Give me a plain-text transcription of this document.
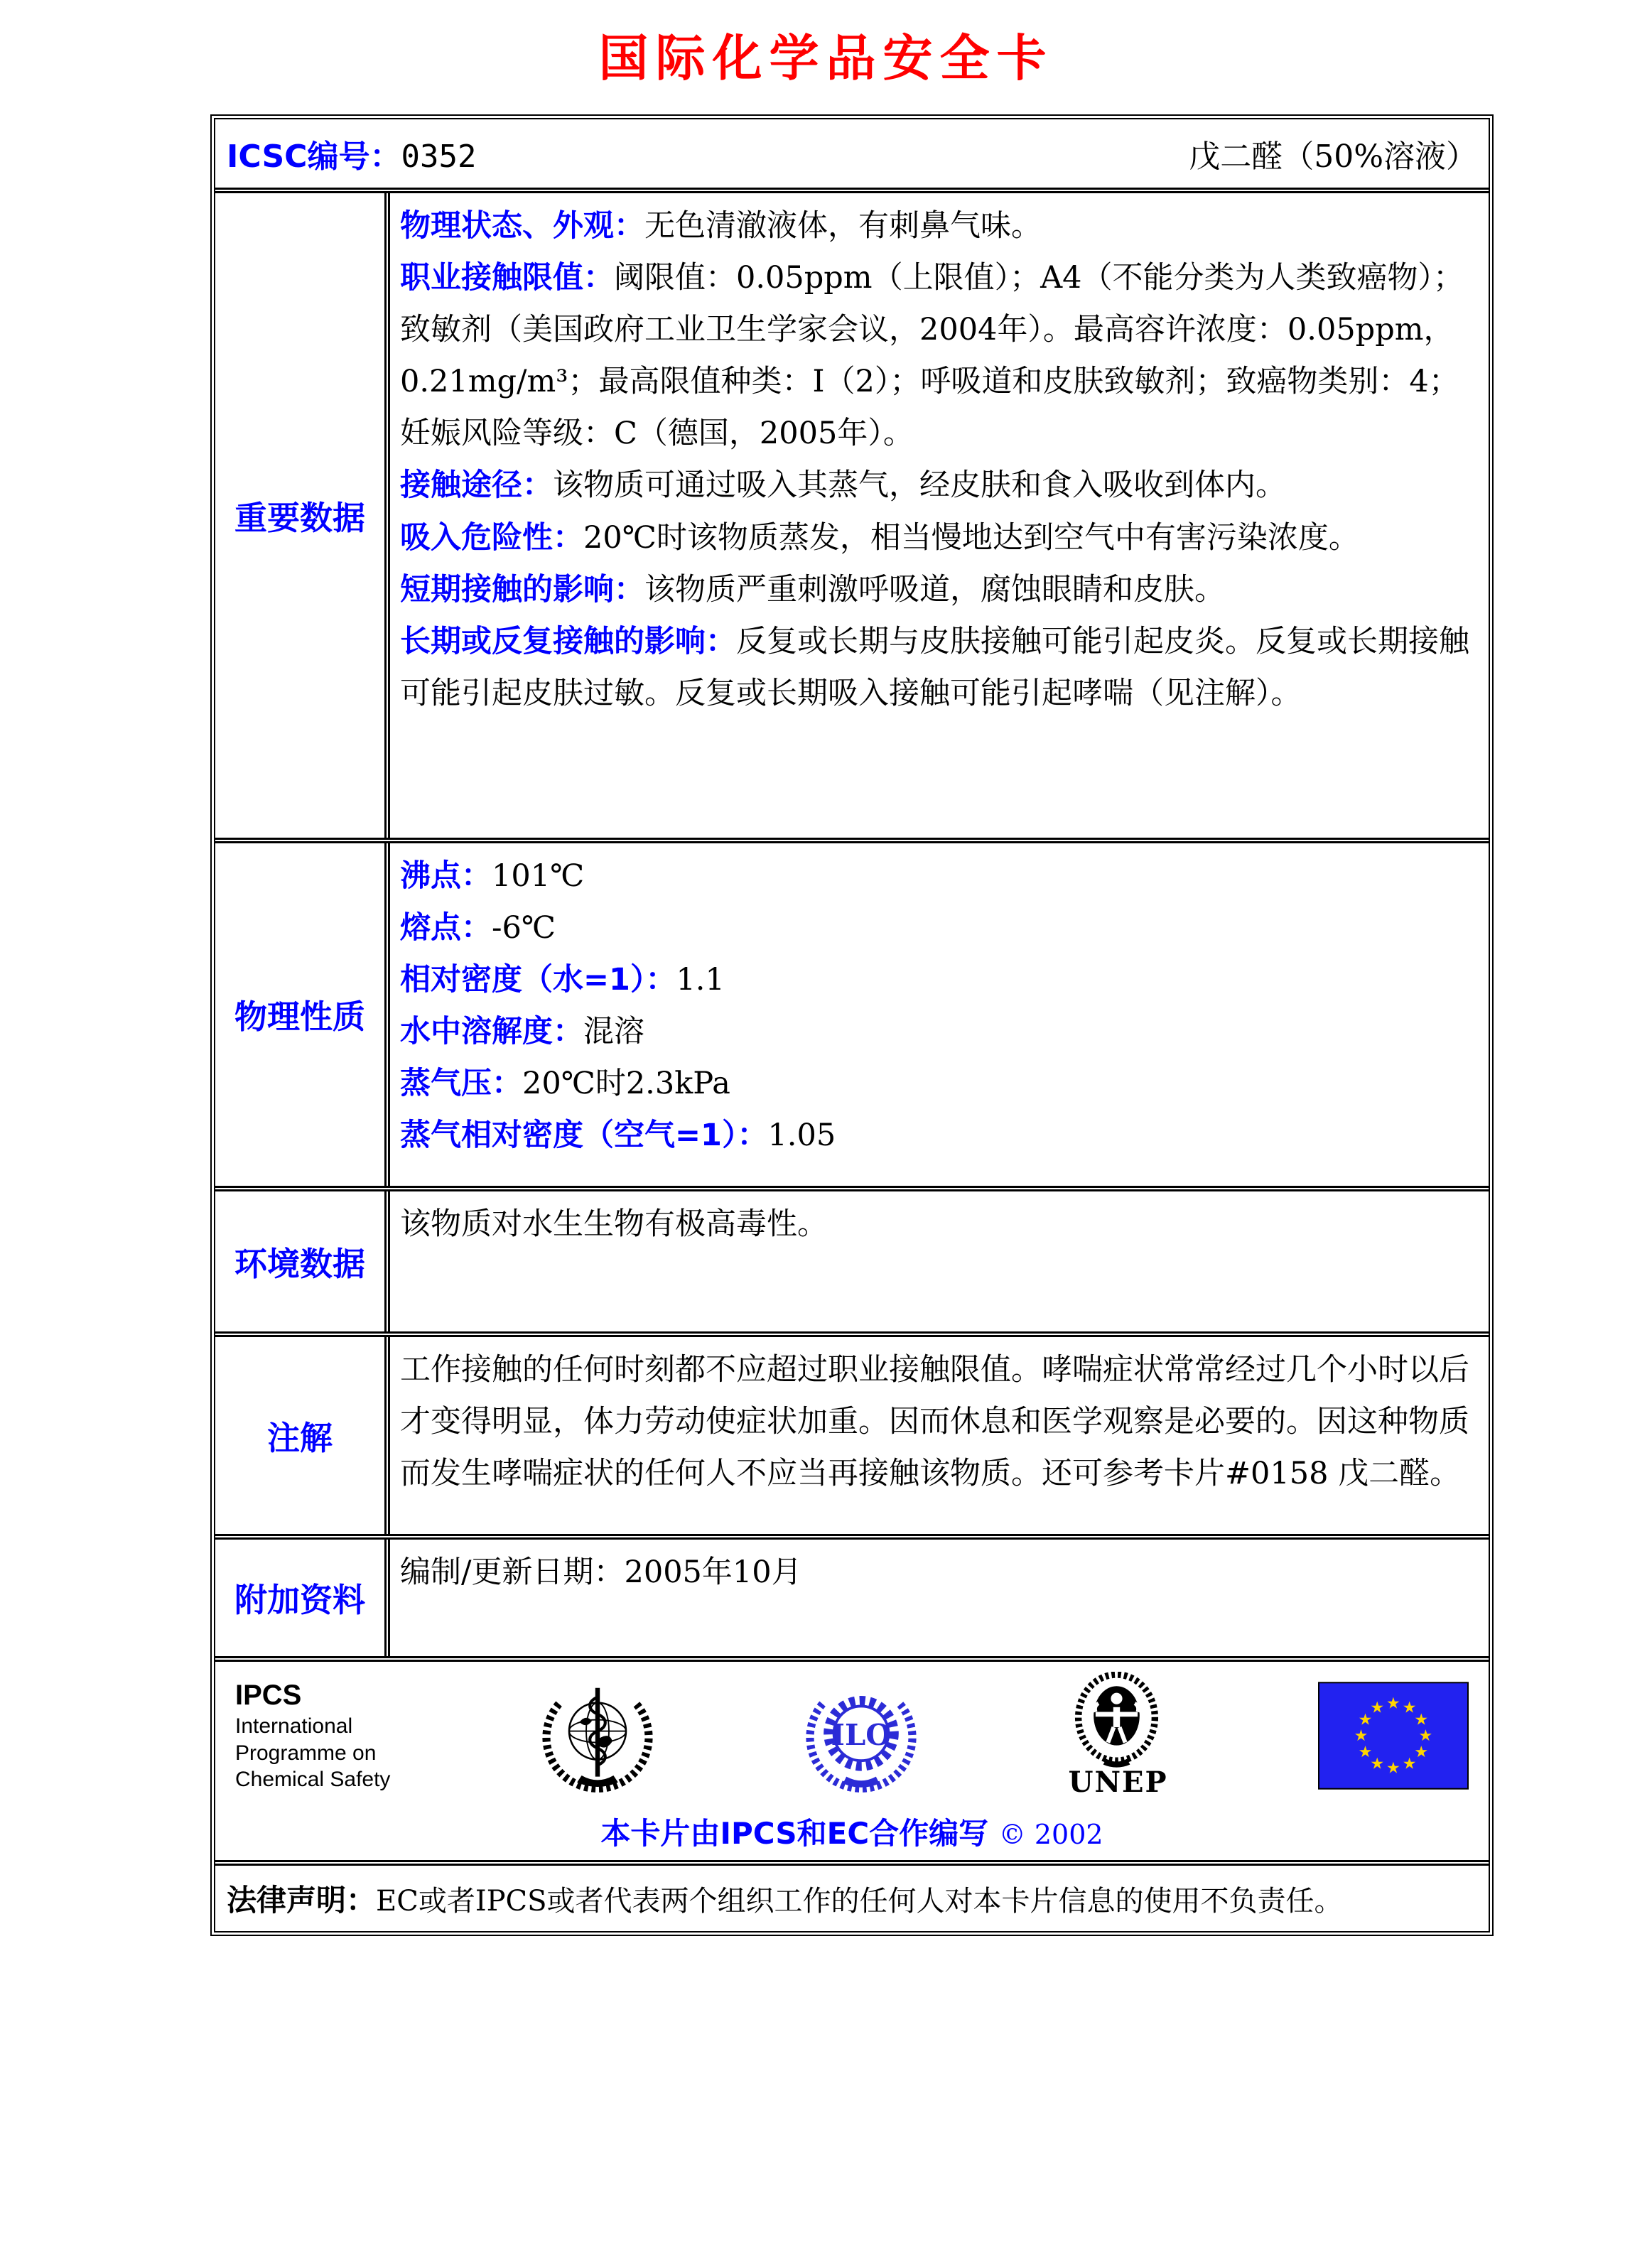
国际化学品安全卡
ICSC编号：0352	戊二醛（50%溶液）
重要数据
物理状态、外观：无色清澈液体，有刺鼻气味。
职业接触限值：阈限值：0.05ppm（上限值）；A4（不能分类为人类致癌物）；致敏剂（美国政府工业卫生学家会议，2004年）。最高容许浓度：0.05ppm，0.21mg/m³；最高限值种类：I（2）；呼吸道和皮肤致敏剂；致癌物类别：4；妊娠风险等级：C（德国，2005年）。
接触途径：该物质可通过吸入其蒸气，经皮肤和食入吸收到体内。
吸入危险性：20℃时该物质蒸发，相当慢地达到空气中有害污染浓度。
短期接触的影响：该物质严重刺激呼吸道，腐蚀眼睛和皮肤。
长期或反复接触的影响：反复或长期与皮肤接触可能引起皮炎。反复或长期接触可能引起皮肤过敏。反复或长期吸入接触可能引起哮喘（见注解）。
物理性质
沸点：101℃
熔点：-6℃
相对密度（水=1）：1.1
水中溶解度：混溶
蒸气压：20℃时2.3kPa
蒸气相对密度（空气=1）：1.05
环境数据
该物质对水生生物有极高毒性。
注解
工作接触的任何时刻都不应超过职业接触限值。哮喘症状常常经过几个小时以后才变得明显，体力劳动使症状加重。因而休息和医学观察是必要的。因这种物质而发生哮喘症状的任何人不应当再接触该物质。还可参考卡片#0158 戊二醛。
附加资料
编制/更新日期：2005年10月
IPCS
International
Programme on
Chemical Safety
ILO
UNEP
★ ★
★
★
★
★
★
★
★
★
★
★
本卡片由IPCS和EC合作编写 © 2002
法律声明：EC或者IPCS或者代表两个组织工作的任何人对本卡片信息的使用不负责任。
